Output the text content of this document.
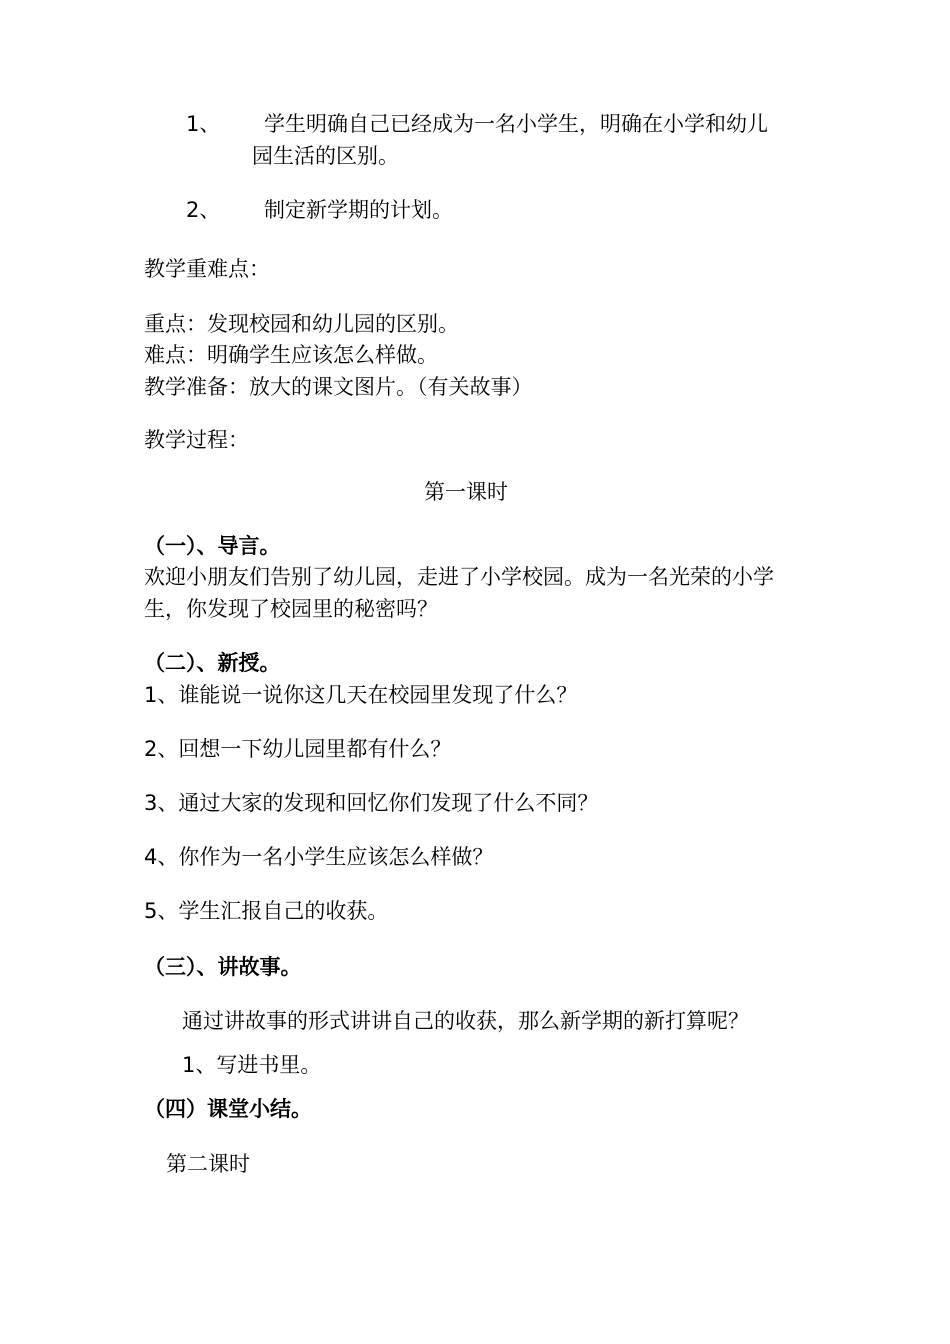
1、 学生明确自己已经成为一名小学生，明确在小学和幼儿
园生活的区别。
2、 制定新学期的计划。
教学重难点：
重点：发现校园和幼儿园的区别。
难点：明确学生应该怎么样做。
教学准备：放大的课文图片。（有关故事）
教学过程：
第一课时
（一）、导言。
欢迎小朋友们告别了幼儿园，走进了小学校园。成为一名光荣的小学
生，你发现了校园里的秘密吗？
（二）、新授。
1、谁能说一说你这几天在校园里发现了什么？
2、回想一下幼儿园里都有什么？
3、通过大家的发现和回忆你们发现了什么不同？
4、你作为一名小学生应该怎么样做？
5、学生汇报自己的收获。
（三）、讲故事。
通过讲故事的形式讲讲自己的收获，那么新学期的新打算呢？
1、写进书里。
（四）课堂小结。
第二课时
